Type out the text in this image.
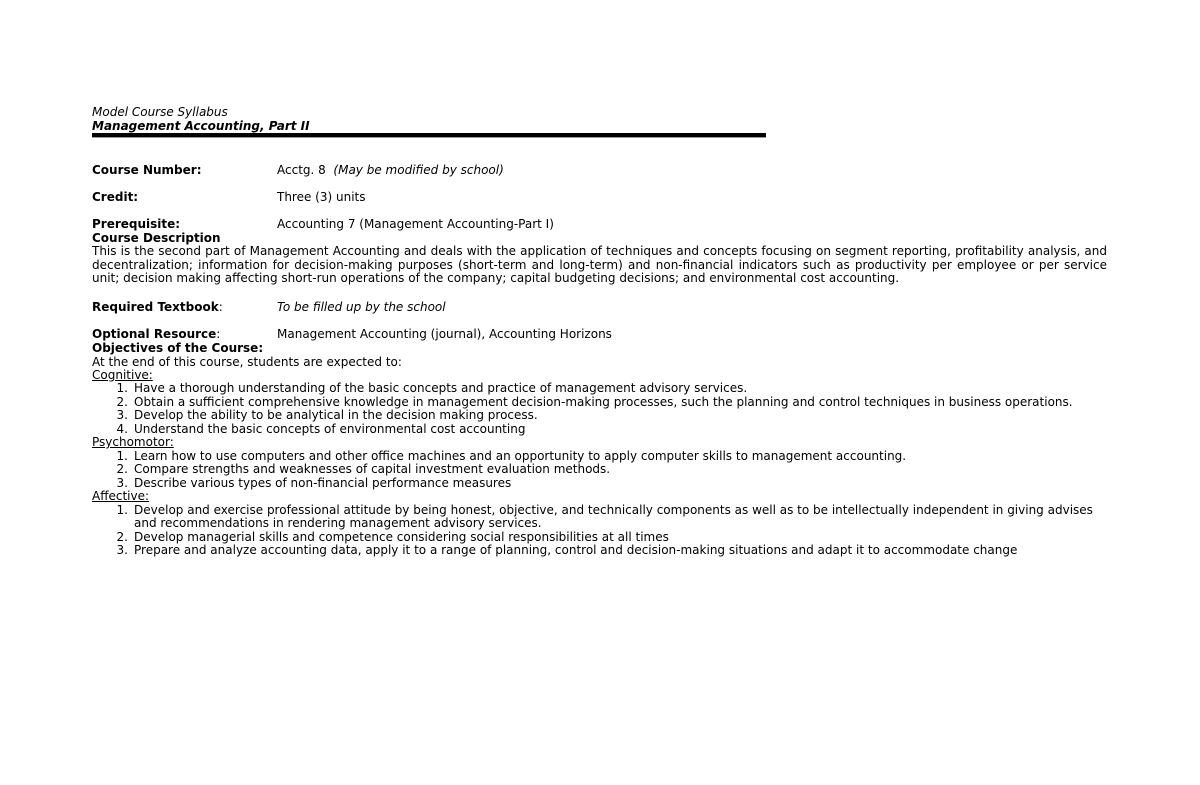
Model Course Syllabus

Management Accounting, Part II

Course Number:	Acctg. 8 (May be modified by school)
Credit:	Three (3) units
Prerequisite:	Accounting 7 (Management Accounting-Part I)

Course Description

This is the second part of Management Accounting and deals with the application of techniques and concepts focusing on segment reporting, profitability analysis, and decentralization; information for decision-making purposes (short-term and long-term) and non-financial indicators such as productivity per employee or per service unit; decision making affecting short-run operations of the company; capital budgeting decisions; and environmental cost accounting.

Required Textbook:	To be filled up by the school
Optional Resource:	Management Accounting (journal), Accounting Horizons

Objectives of the Course:

At the end of this course, students are expected to:

Cognitive:

1. Have a thorough understanding of the basic concepts and practice of management advisory services.
2. Obtain a sufficient comprehensive knowledge in management decision-making processes, such the planning and control techniques in business operations.
3. Develop the ability to be analytical in the decision making process.
4. Understand the basic concepts of environmental cost accounting

Psychomotor:

1. Learn how to use computers and other office machines and an opportunity to apply computer skills to management accounting.
2. Compare strengths and weaknesses of capital investment evaluation methods.
3. Describe various types of non-financial performance measures

Affective:

1. Develop and exercise professional attitude by being honest, objective, and technically components as well as to be intellectually independent in giving advises and recommendations in rendering management advisory services.
2. Develop managerial skills and competence considering social responsibilities at all times
3. Prepare and analyze accounting data, apply it to a range of planning, control and decision-making situations and adapt it to accommodate change
